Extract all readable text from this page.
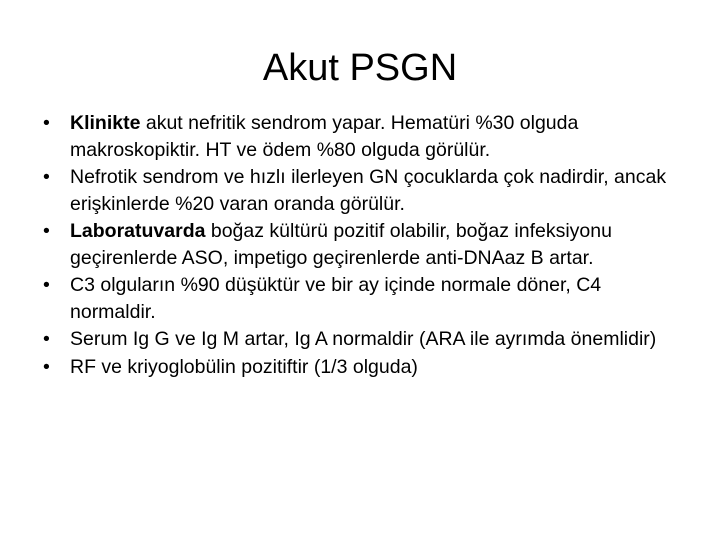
Akut PSGN
•	Klinikte akut nefritik sendrom yapar. Hematüri %30 olguda makroskopiktir. HT ve ödem %80 olguda görülür.
•	Nefrotik sendrom ve hızlı ilerleyen GN çocuklarda çok nadirdir, ancak erişkinlerde %20 varan oranda görülür.
•	Laboratuvarda boğaz kültürü pozitif olabilir, boğaz infeksiyonu geçirenlerde ASO, impetigo geçirenlerde anti-DNAaz B artar.
•	C3 olguların %90 düşüktür ve bir ay içinde normale döner, C4 normaldir.
•	Serum Ig G ve Ig M artar, Ig A normaldir (ARA ile ayrımda önemlidir)
•	RF ve kriyoglobülin pozitiftir (1/3 olguda)
